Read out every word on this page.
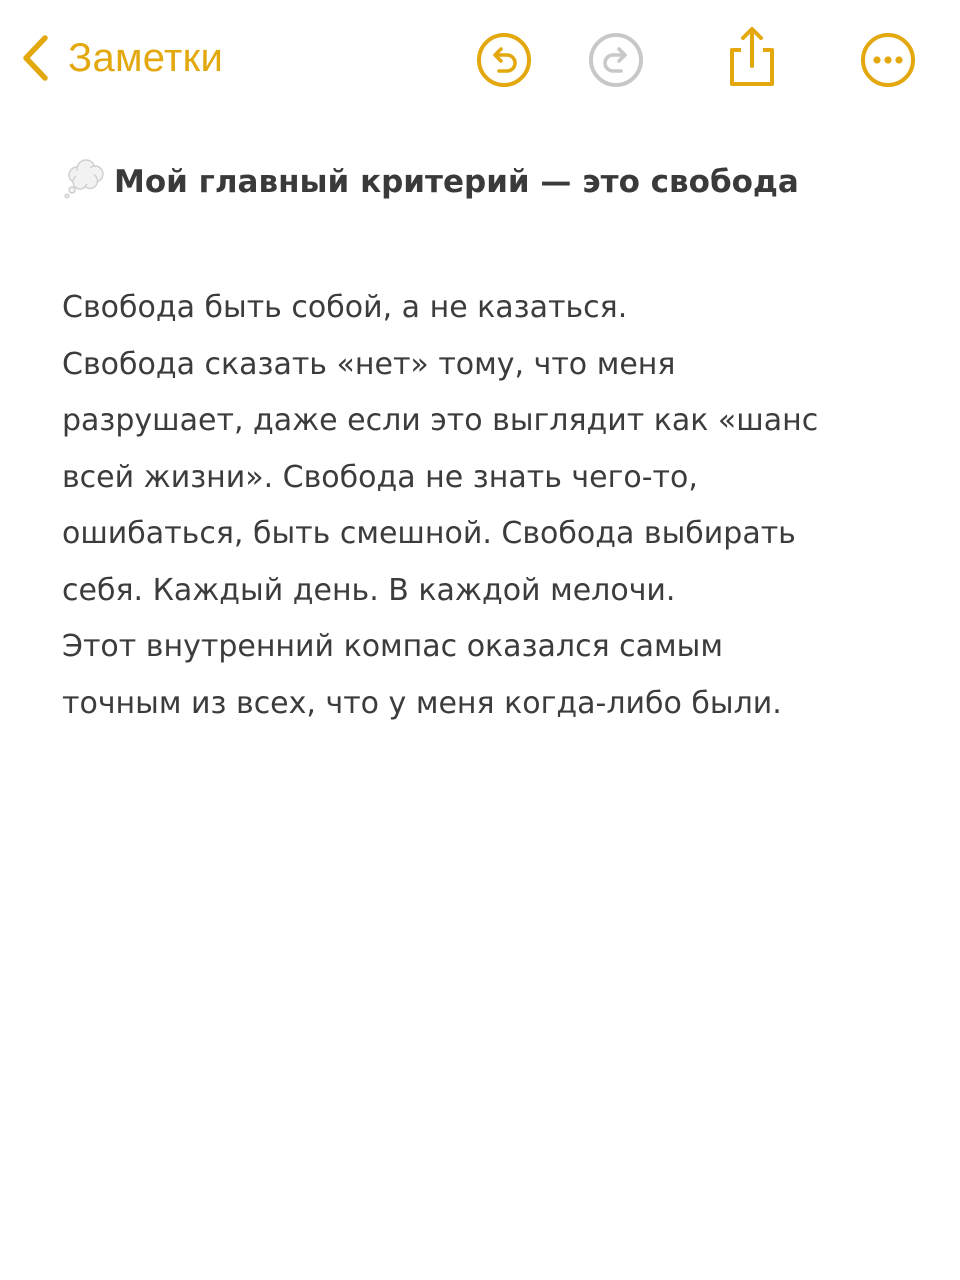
Заметки
Мой главный критерий — это свобода
Свобода быть собой, а не казаться.
Свобода сказать «нет» тому, что меня
разрушает, даже если это выглядит как «шанс
всей жизни». Свобода не знать чего-то,
ошибаться, быть смешной. Свобода выбирать
себя. Каждый день. В каждой мелочи.
Этот внутренний компас оказался самым
точным из всех, что у меня когда-либо были.
